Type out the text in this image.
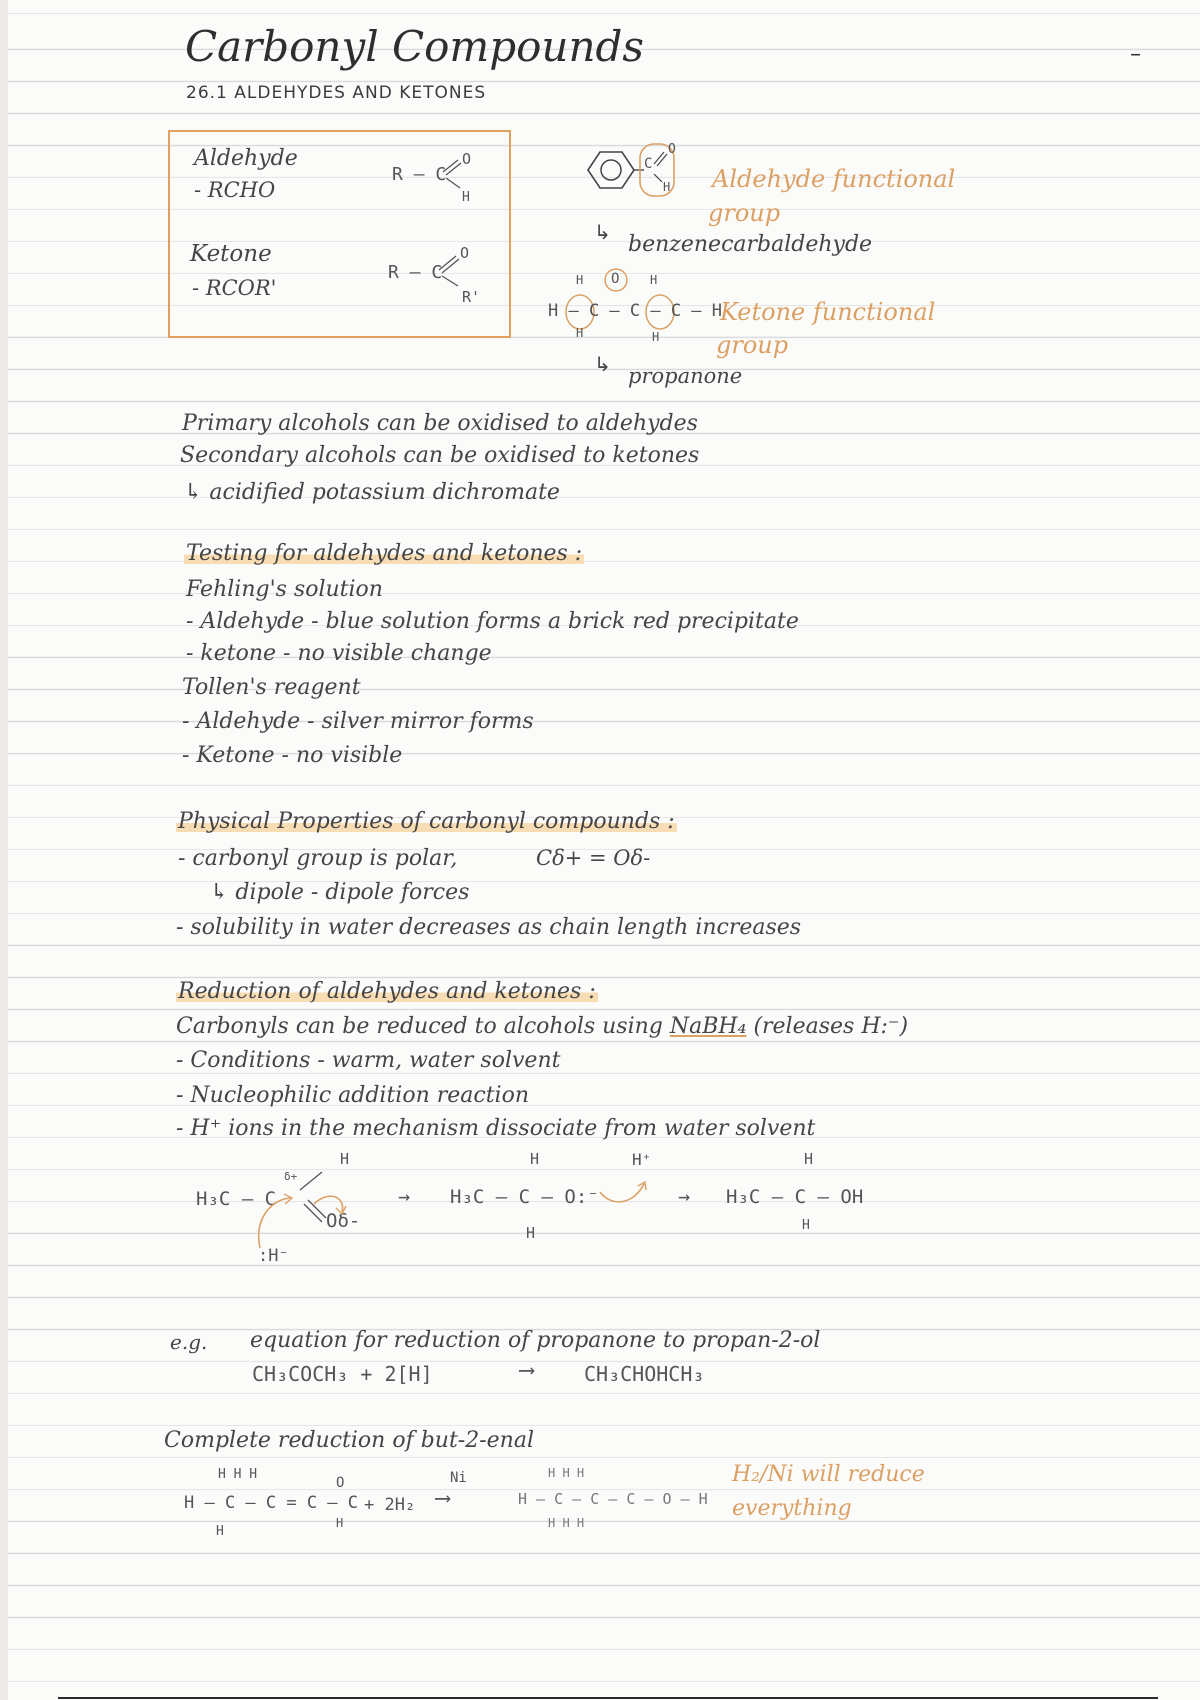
–
Carbonyl Compounds
26.1 ALDEHYDES AND KETONES
Aldehyde
- RCHO
R – C
O
H
Ketone
- RCOR'
R – C
O
R'
C
O
H Aldehyde functional
group
↳ benzenecarbaldehyde
H – C – C – C – H
O
H	H
H	H
Ketone functional
group
↳ propanone
Primary alcohols can be oxidised to aldehydes
Secondary alcohols can be oxidised to ketones
↳ acidified potassium dichromate
Testing for aldehydes and ketones :
Fehling's solution
- Aldehyde - blue solution forms a brick red precipitate
- ketone - no visible change
Tollen's reagent
- Aldehyde - silver mirror forms
- Ketone - no visible
Physical Properties of carbonyl compounds :
- carbonyl group is polar,	Cδ+ = Oδ-
↳ dipole - dipole forces
- solubility in water decreases as chain length increases
Reduction of aldehydes and ketones :
Carbonyls can be reduced to alcohols using NaBH₄ (releases H:⁻)
- Conditions - warm, water solvent
- Nucleophilic addition reaction
- H⁺ ions in the mechanism dissociate from water solvent
H₃C – C
H
δ+
Oδ-
:H⁻
→ H₃C – C – O:⁻
H
H
H⁺
→ H₃C – C – OH
H
H
e.g. equation for reduction of propanone to propan-2-ol
CH₃COCH₃ + 2[H]	⟶	CH₃CHOHCH₃
Complete reduction of but-2-enal
H H H
H – C – C = C – C
O
H
H
+ 2H₂
Ni
⟶
H H H
H – C – C – C – O – H
H H H
H₂/Ni will reduce
everything
